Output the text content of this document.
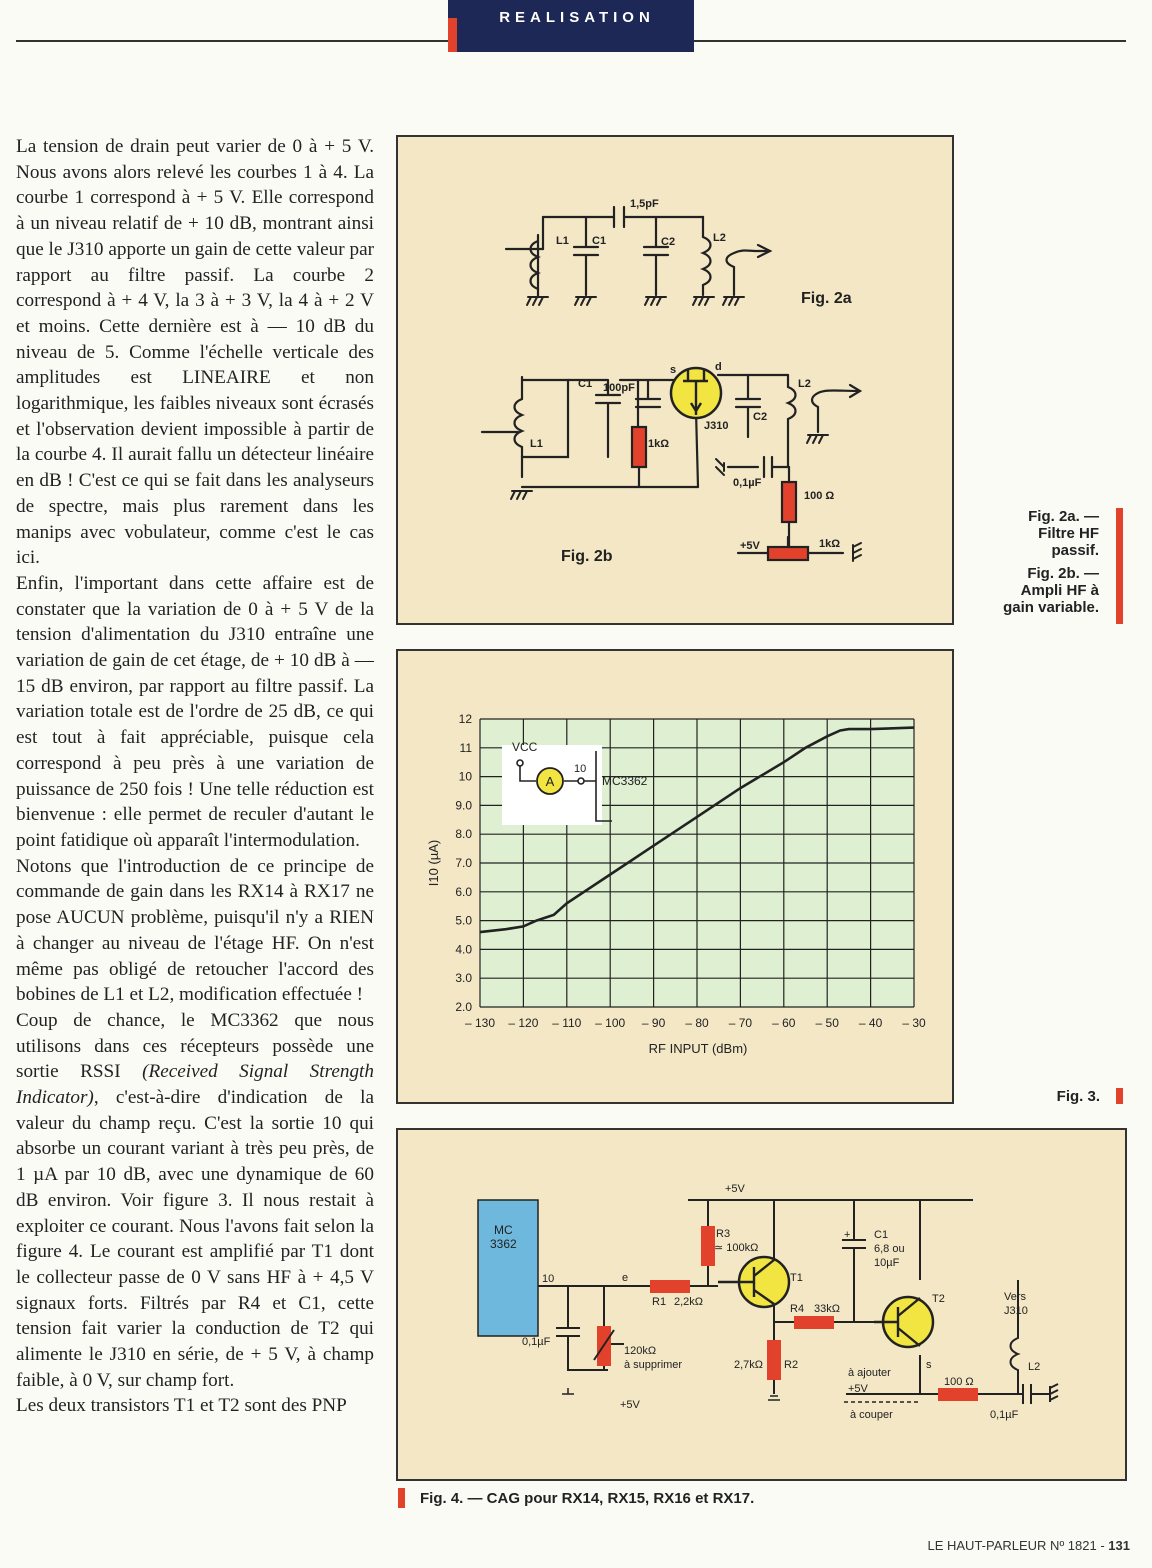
REALISATION

La tension de drain peut varier de 0 à + 5 V. Nous avons alors relevé les courbes 1 à 4. La courbe 1 correspond à + 5 V. Elle correspond à un niveau relatif de + 10 dB, montrant ainsi que le J310 apporte un gain de cette valeur par rapport au filtre passif. La courbe 2 correspond à + 4 V, la 3 à + 3 V, la 4 à + 2 V et moins. Cette dernière est à — 10 dB du niveau de 5. Comme l'échelle verticale des amplitudes est LINEAIRE et non logarithmique, les faibles niveaux sont écrasés et l'observation devient impossible à partir de la courbe 4. Il aurait fallu un détecteur linéaire en dB ! C'est ce qui se fait dans les analyseurs de spectre, mais plus rarement dans les manips avec vobulateur, comme c'est le cas ici.

Enfin, l'important dans cette affaire est de constater que la variation de 0 à + 5 V de la tension d'alimentation du J310 entraîne une variation de gain de cet étage, de + 10 dB à — 15 dB environ, par rapport au filtre passif. La variation totale est de l'ordre de 25 dB, ce qui est tout à fait appréciable, puisque cela correspond à peu près à une variation de puissance de 250 fois ! Une telle réduction est bienvenue : elle permet de reculer d'autant le point fatidique où apparaît l'intermodulation.

Notons que l'introduction de ce principe de commande de gain dans les RX14 à RX17 ne pose AUCUN problème, puisqu'il n'y a RIEN à changer au niveau de l'étage HF. On n'est même pas obligé de retoucher l'accord des bobines de L1 et L2, modification effectuée !

Coup de chance, le MC3362 que nous utilisons dans ces récepteurs possède une sortie RSSI (Received Signal Strength Indicator), c'est-à-dire d'indication de la valeur du champ reçu. C'est la sortie 10 qui absorbe un courant variant à très peu près, de 1 µA par 10 dB, avec une dynamique de 60 dB environ. Voir figure 3. Il nous restait à exploiter ce courant. Nous l'avons fait selon la figure 4. Le courant est amplifié par T1 dont le collecteur passe de 0 V sans HF à + 4,5 V signaux forts. Filtrés par R4 et C1, cette tension fait varier la conduction de T2 qui alimente le J310 en série, de + 5 V, à champ faible, à 0 V, sur champ fort.

Les deux transistors T1 et T2 sont des PNP

L1 C1	C2	L2
1,5pF
C1 100pF
s	d
C2
L2
L1	1kΩ
J310
0,1µF
100 Ω
+5V	1kΩ
Fig. 2a
Fig. 2b
Fig. 2a. —
Filtre HF
passif.
Fig. 2b. —
Ampli HF à
gain variable.
2.0
3.0
4.0
5.0
6.0
7.0
8.0
9.0
10
11
12
– 130 – 120 – 110 – 100 – 90 – 80 – 70 – 60 – 50 – 40 – 30
I10 (µA)
RF INPUT (dBm)
A
VCC
10
MC3362
Fig. 3.
MC
3362
10	e
+5V
R3
≃ 100kΩ
T1
C1
6,8 ou
10µF
+
R1 2,2kΩ
R4 33kΩ
T2	Vers
J310
0,1µF
120kΩ
à supprimer	2,7kΩ R2
à ajouter
s	L2
+5V
100 Ω
+5V
à couper	0,1µF
Fig. 4. — CAG pour RX14, RX15, RX16 et RX17.
LE HAUT-PARLEUR Nº 1821 - 131
